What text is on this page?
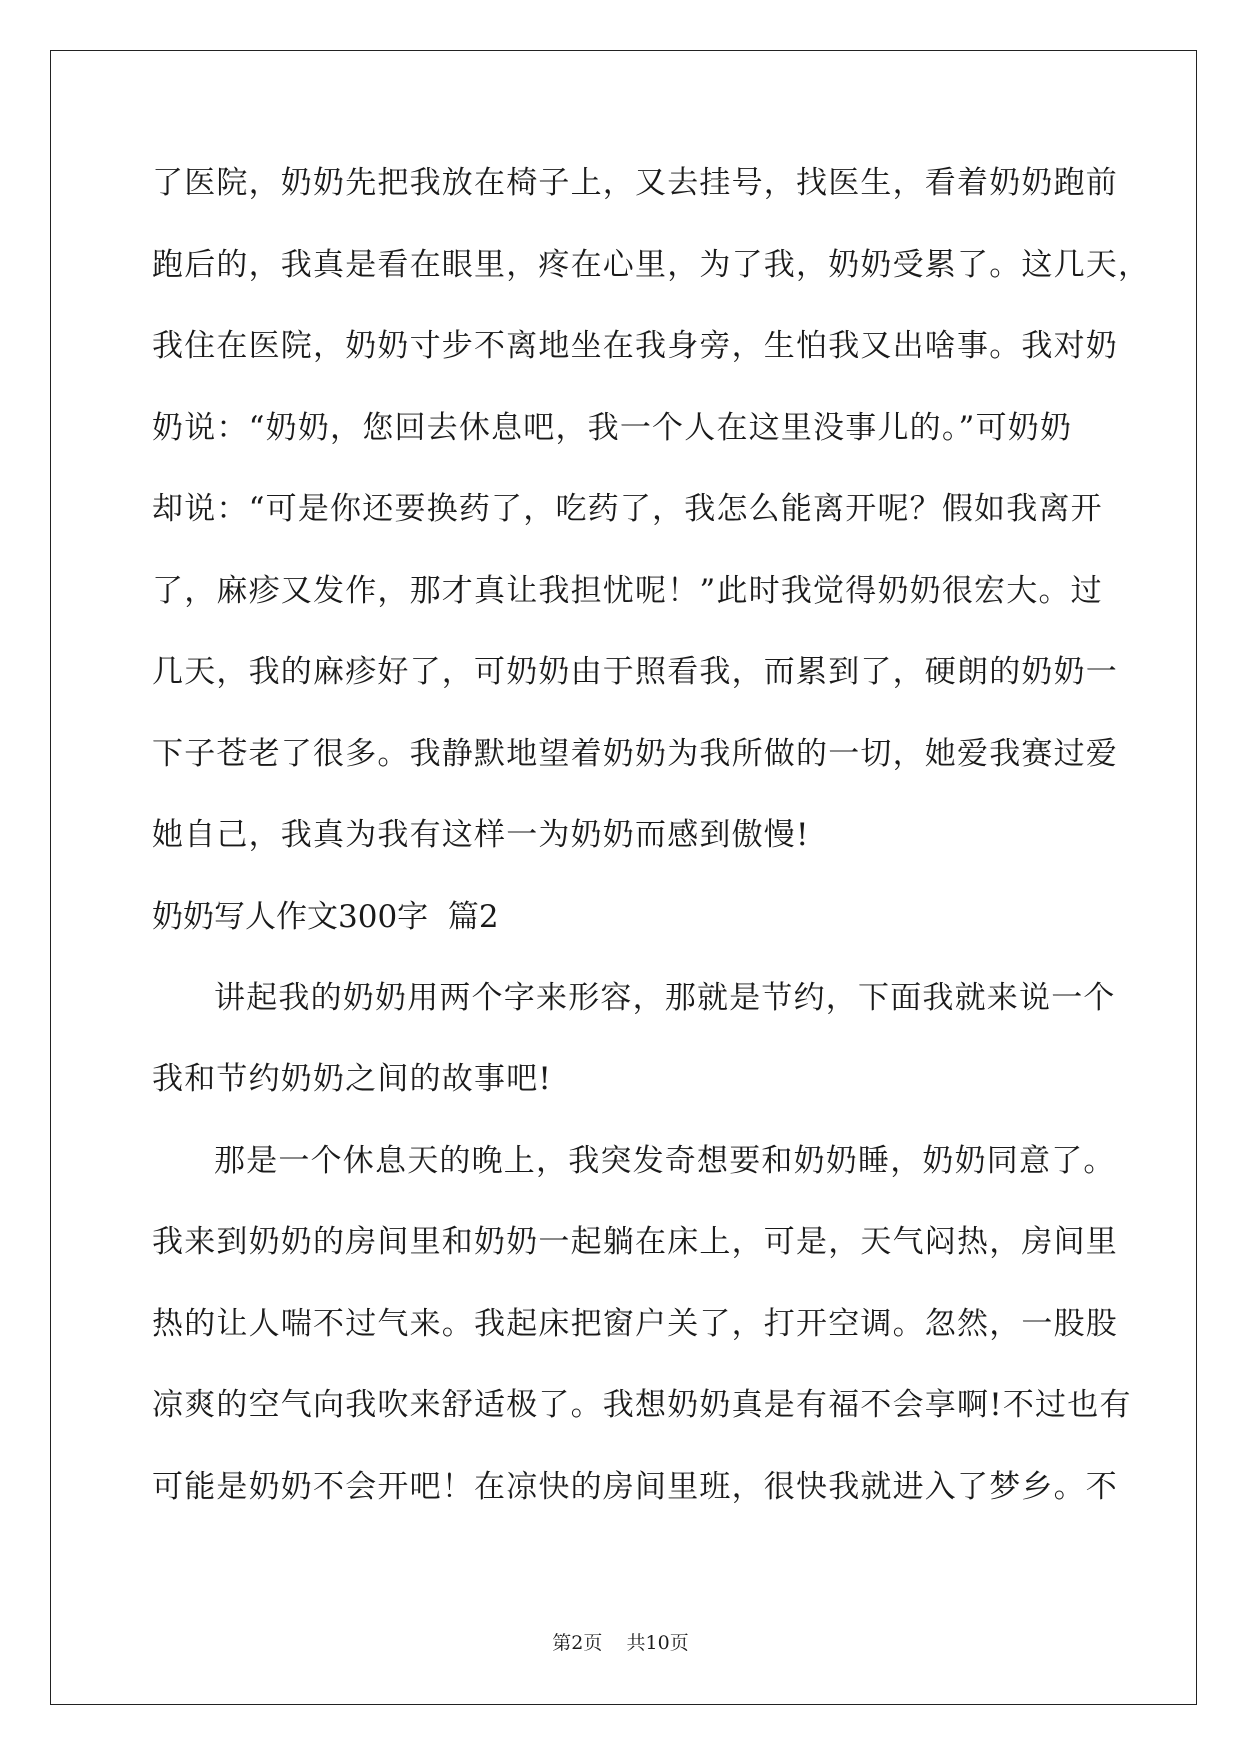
了医院，奶奶先把我放在椅子上，又去挂号，找医生，看着奶奶跑前
跑后的，我真是看在眼里，疼在心里，为了我，奶奶受累了。这几天，
我住在医院，奶奶寸步不离地坐在我身旁，生怕我又出啥事。我对奶
奶说：“奶奶，您回去休息吧，我一个人在这里没事儿的。”可奶奶
却说：“可是你还要换药了，吃药了，我怎么能离开呢？假如我离开
了，麻疹又发作，那才真让我担忧呢！”此时我觉得奶奶很宏大。过
几天，我的麻疹好了，可奶奶由于照看我，而累到了，硬朗的奶奶一
下子苍老了很多。我静默地望着奶奶为我所做的一切，她爱我赛过爱
她自己，我真为我有这样一为奶奶而感到傲慢!
奶奶写人作文300字  篇2
讲起我的奶奶用两个字来形容，那就是节约，下面我就来说一个
我和节约奶奶之间的故事吧!
那是一个休息天的晚上，我突发奇想要和奶奶睡，奶奶同意了。
我来到奶奶的房间里和奶奶一起躺在床上，可是，天气闷热，房间里
热的让人喘不过气来。我起床把窗户关了，打开空调。忽然，一股股
凉爽的空气向我吹来舒适极了。我想奶奶真是有福不会享啊!不过也有
可能是奶奶不会开吧！在凉快的房间里班，很快我就进入了梦乡。不
第2页    共10页
